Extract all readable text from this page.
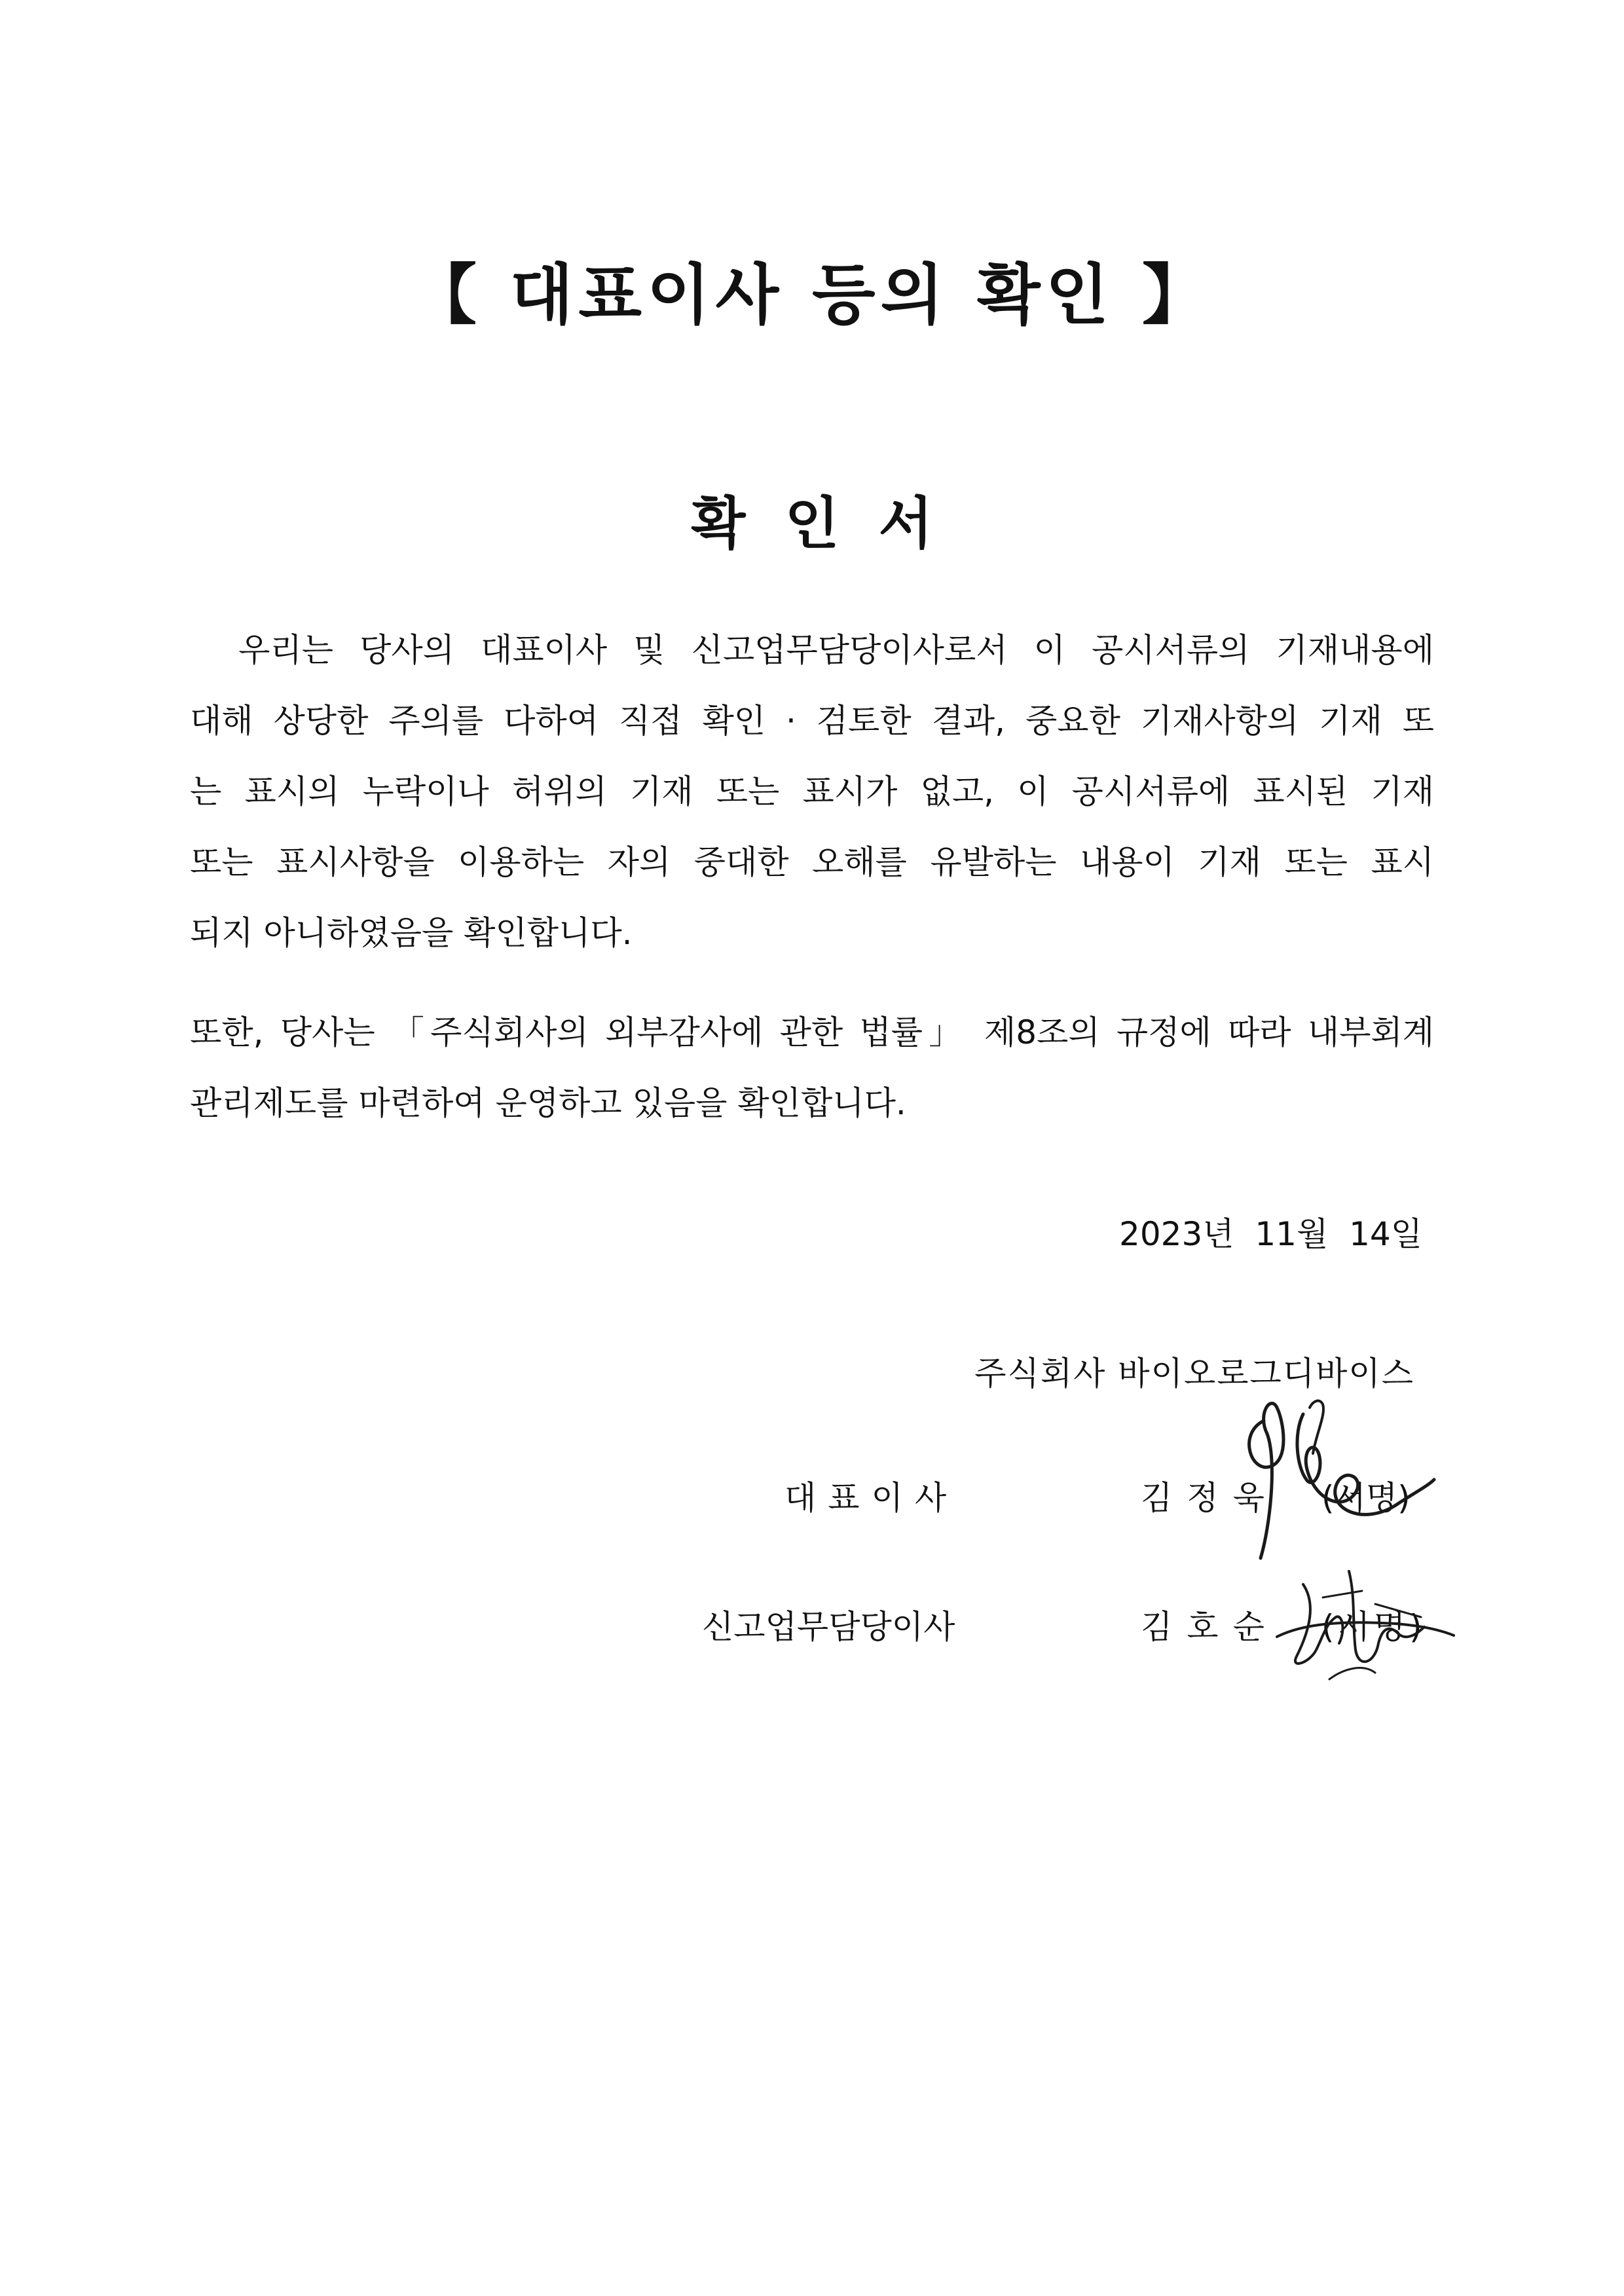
【 대표이사 등의 확인 】
확인서
　우리는 당사의 대표이사 및 신고업무담당이사로서 이 공시서류의 기재내용에
대해 상당한 주의를 다하여 직접 확인 · 검토한 결과, 중요한 기재사항의 기재 또
는 표시의 누락이나 허위의 기재 또는 표시가 없고, 이 공시서류에 표시된 기재
또는 표시사항을 이용하는 자의 중대한 오해를 유발하는 내용이 기재 또는 표시
되지 아니하였음을 확인합니다.
또한, 당사는 「주식회사의 외부감사에 관한 법률」 제8조의 규정에 따라 내부회계
관리제도를 마련하여 운영하고 있음을 확인합니다.
2023년  11월  14일
주식회사 바이오로그디바이스
대표이사	김정욱 (서명)
신고업무담당이사	김호순 (서명)
